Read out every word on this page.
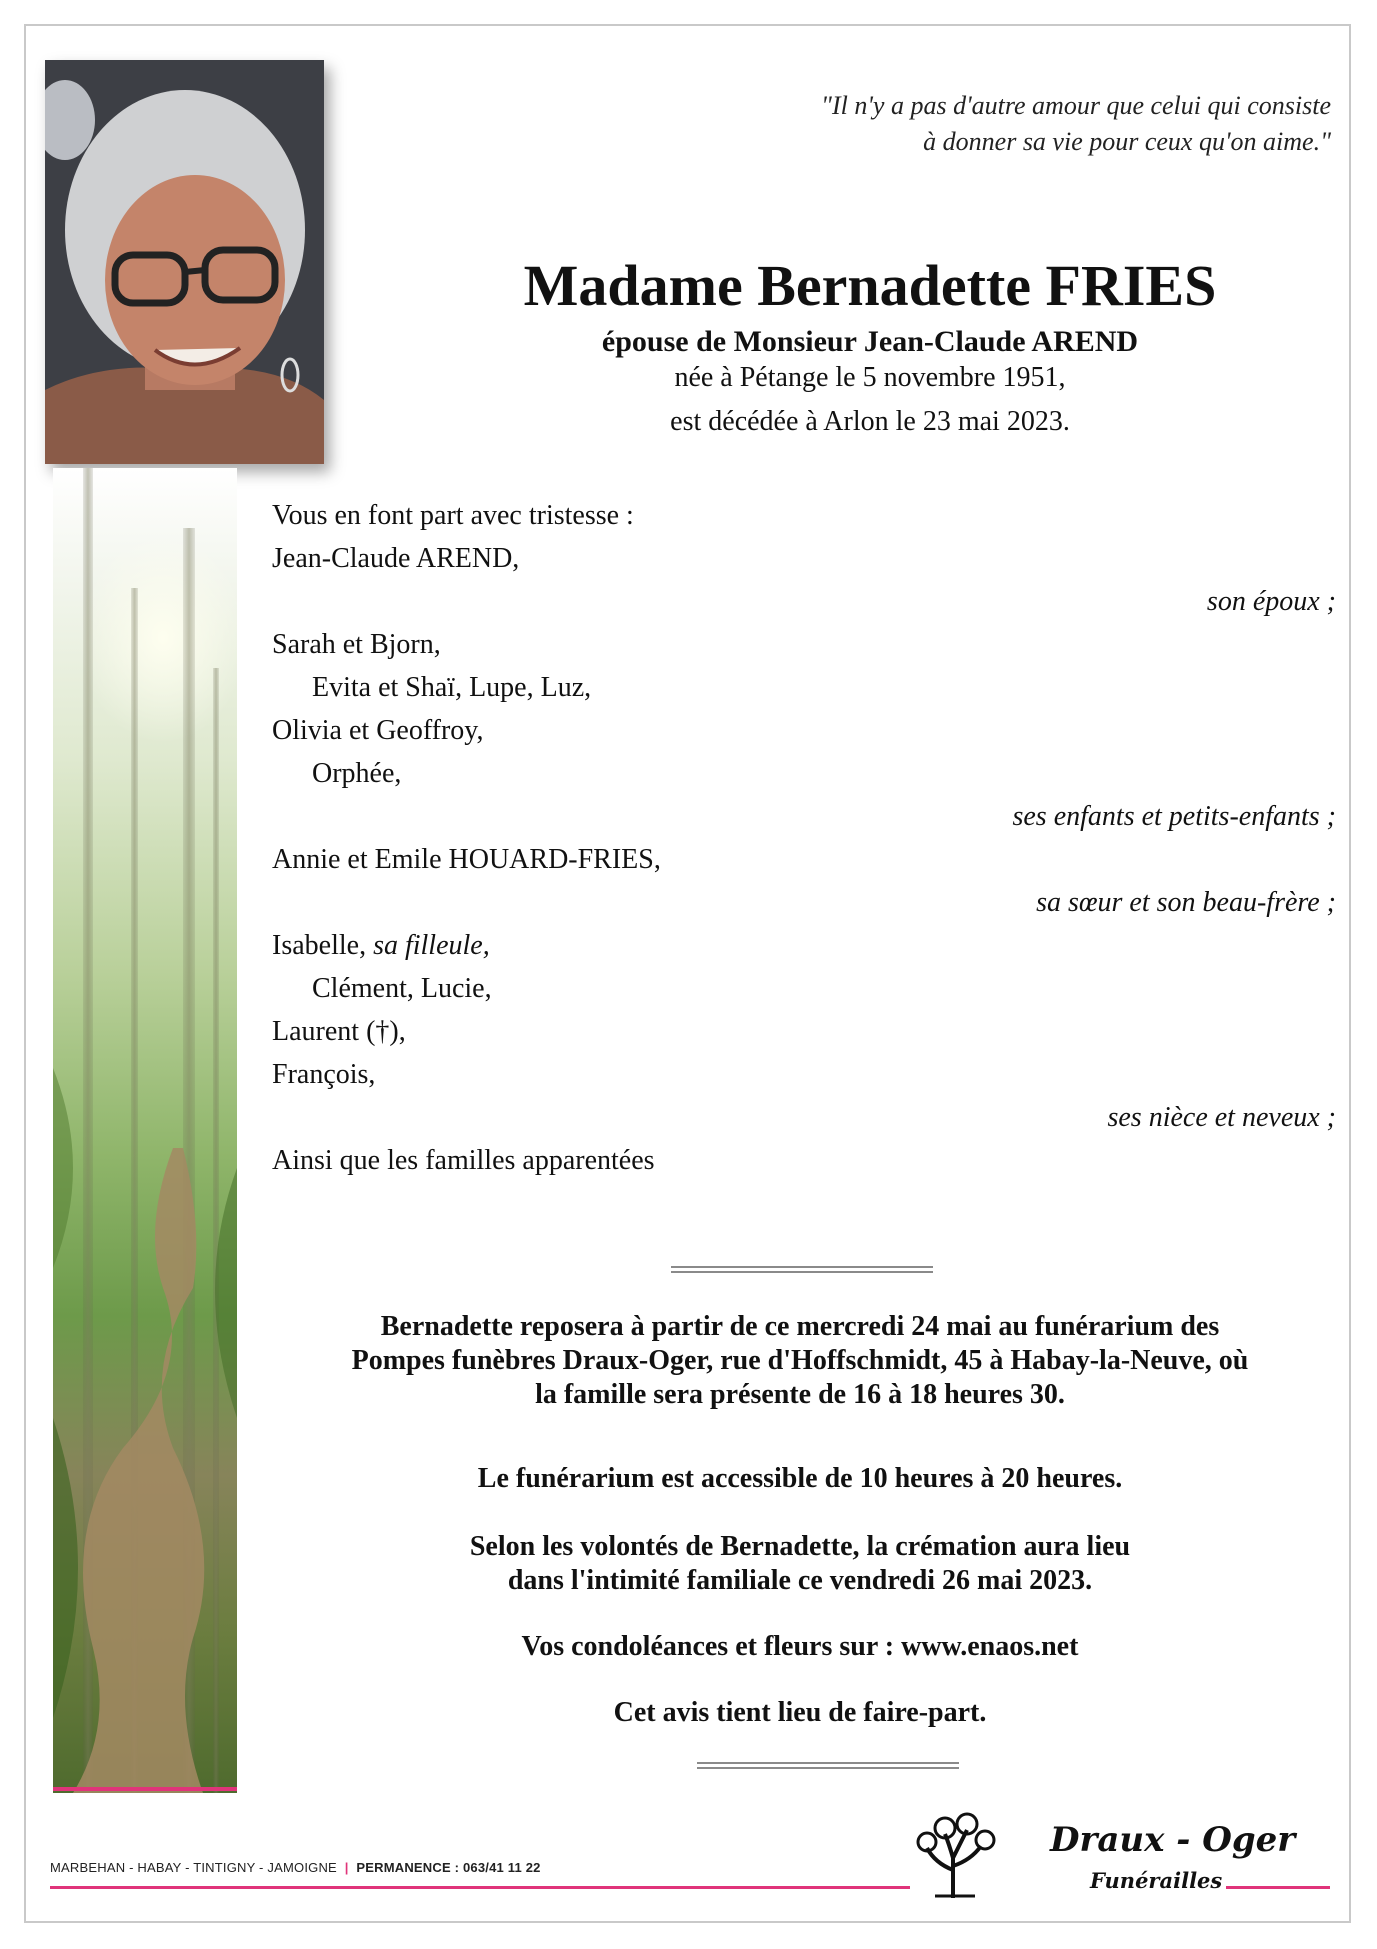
"Il n'y a pas d'autre amour que celui qui consiste
à donner sa vie pour ceux qu'on aime."
Madame Bernadette FRIES
épouse de Monsieur Jean-Claude AREND
née à Pétange le 5 novembre 1951,
est décédée à Arlon le 23 mai 2023.
Vous en font part avec tristesse :
Jean-Claude AREND,
son époux ;
Sarah et Bjorn,
Evita et Shaï, Lupe, Luz,
Olivia et Geoffroy,
Orphée,
ses enfants et petits-enfants ;
Annie et Emile HOUARD-FRIES,
sa sœur et son beau-frère ;
Isabelle, sa filleule,
Clément, Lucie,
Laurent (†),
François,
ses nièce et neveux ;
Ainsi que les familles apparentées
Bernadette reposera à partir de ce mercredi 24 mai au funérarium des
Pompes funèbres Draux-Oger, rue d'Hoffschmidt, 45 à Habay-la-Neuve, où
la famille sera présente de 16 à 18 heures 30.
Le funérarium est accessible de 10 heures à 20 heures.
Selon les volontés de Bernadette, la crémation aura lieu
dans l'intimité familiale ce vendredi 26 mai 2023.
Vos condoléances et fleurs sur : www.enaos.net
Cet avis tient lieu de faire-part.
MARBEHAN - HABAY - TINTIGNY - JAMOIGNE | PERMANENCE : 063/41 11 22
Draux - Oger
Funérailles
